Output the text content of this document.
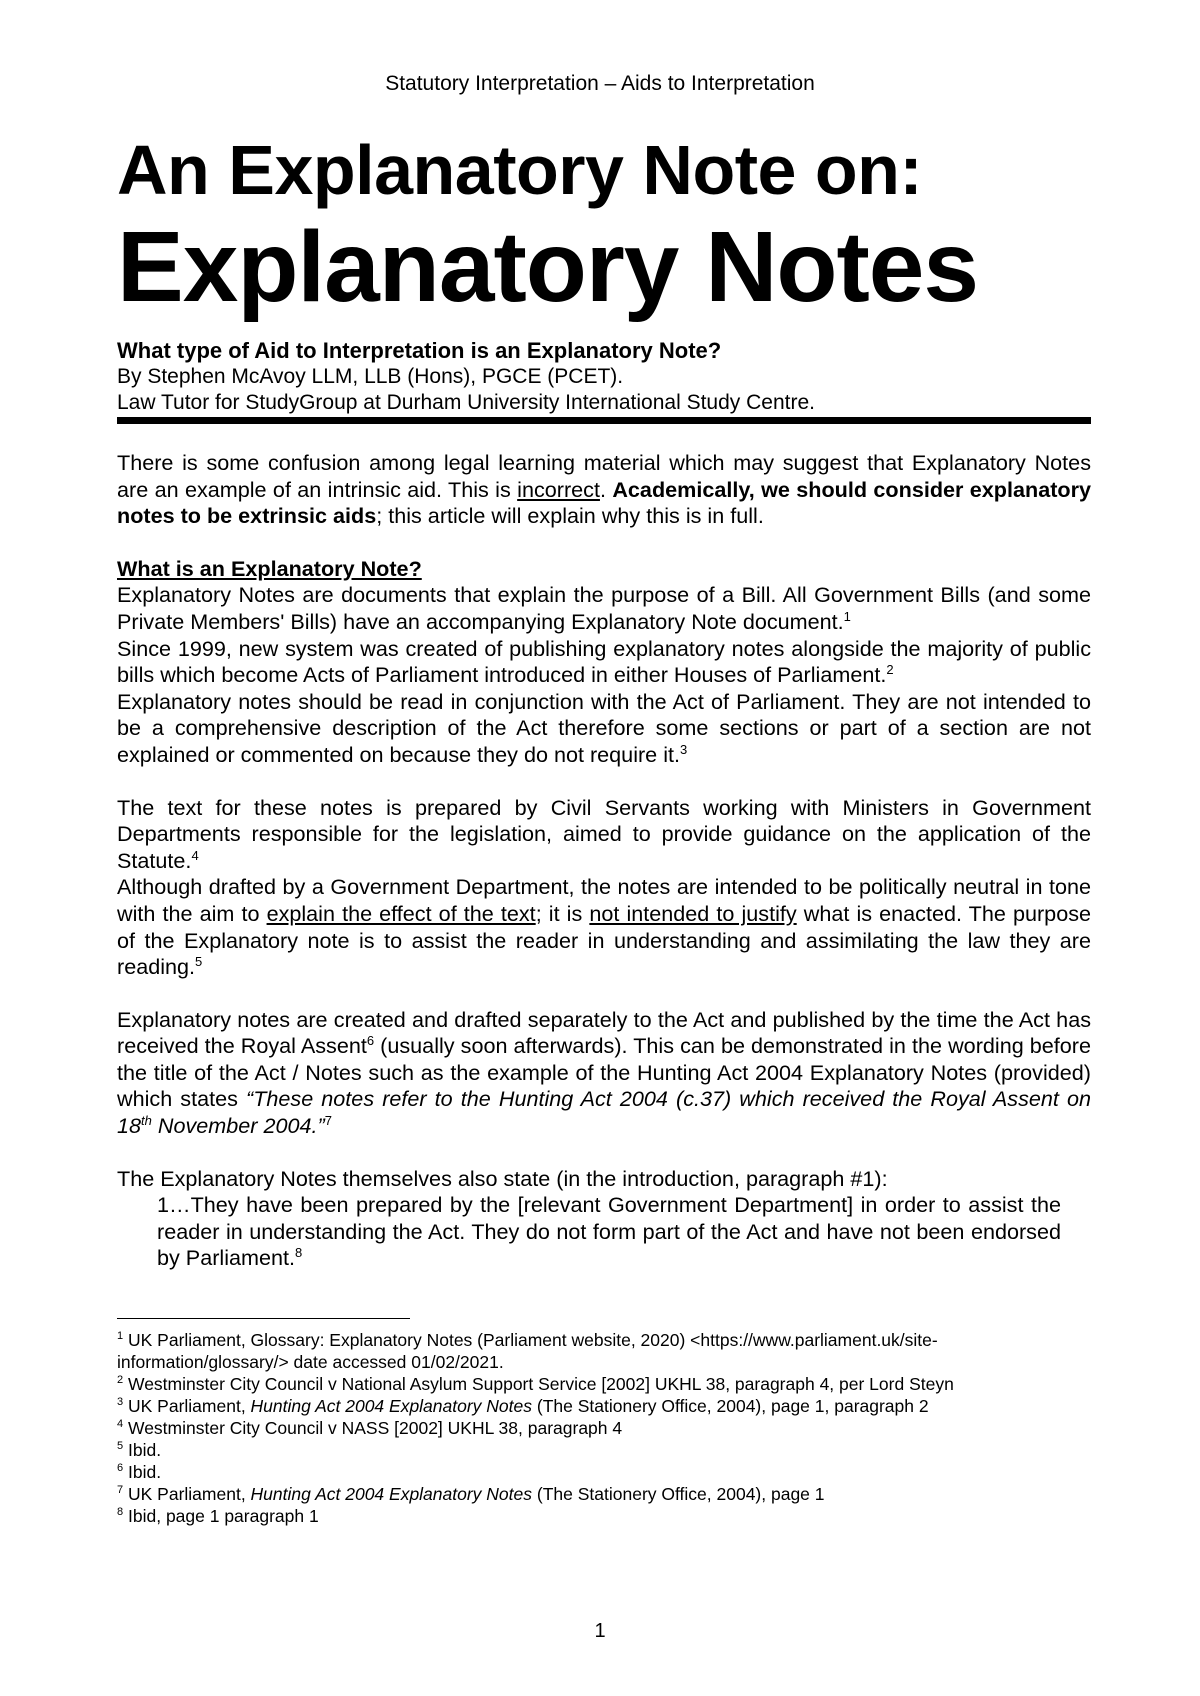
Statutory Interpretation – Aids to Interpretation
An Explanatory Note on:
Explanatory Notes
What type of Aid to Interpretation is an Explanatory Note?
By Stephen McAvoy LLM, LLB (Hons), PGCE (PCET).
Law Tutor for StudyGroup at Durham University International Study Centre.

There is some confusion among legal learning material which may suggest that Explanatory Notes are an example of an intrinsic aid. This is incorrect. Academically, we should consider explanatory notes to be extrinsic aids; this article will explain why this is in full.

What is an Explanatory Note?

Explanatory Notes are documents that explain the purpose of a Bill. All Government Bills (and some Private Members' Bills) have an accompanying Explanatory Note document.$^1$

Since 1999, new system was created of publishing explanatory notes alongside the majority of public bills which become Acts of Parliament introduced in either Houses of Parliament.$^2$

Explanatory notes should be read in conjunction with the Act of Parliament. They are not intended to be a comprehensive description of the Act therefore some sections or part of a section are not explained or commented on because they do not require it.$^3$

The text for these notes is prepared by Civil Servants working with Ministers in Government Departments responsible for the legislation, aimed to provide guidance on the application of the Statute.$^4$

Although drafted by a Government Department, the notes are intended to be politically neutral in tone with the aim to explain the effect of the text; it is not intended to justify what is enacted. The purpose of the Explanatory note is to assist the reader in understanding and assimilating the law they are reading.$^5$

Explanatory notes are created and drafted separately to the Act and published by the time the Act has received the Royal Assent$^6$ (usually soon afterwards). This can be demonstrated in the wording before the title of the Act / Notes such as the example of the Hunting Act 2004 Explanatory Notes (provided) which states “These notes refer to the Hunting Act 2004 (c.37) which received the Royal Assent on 18th November 2004.”$^7$

The Explanatory Notes themselves also state (in the introduction, paragraph #1):

1…They have been prepared by the [relevant Government Department] in order to assist the reader in understanding the Act. They do not form part of the Act and have not been endorsed by Parliament.$^8$

$^1$ UK Parliament, Glossary: Explanatory Notes (Parliament website, 2020) <https://www.parliament.uk/site-information/glossary/> date accessed 01/02/2021.
$^2$ Westminster City Council v National Asylum Support Service [2002] UKHL 38, paragraph 4, per Lord Steyn
$^3$ UK Parliament, Hunting Act 2004 Explanatory Notes (The Stationery Office, 2004), page 1, paragraph 2
$^4$ Westminster City Council v NASS [2002] UKHL 38, paragraph 4
$^5$ Ibid.
$^6$ Ibid.
$^7$ UK Parliament, Hunting Act 2004 Explanatory Notes (The Stationery Office, 2004), page 1
$^8$ Ibid, page 1 paragraph 1
1
